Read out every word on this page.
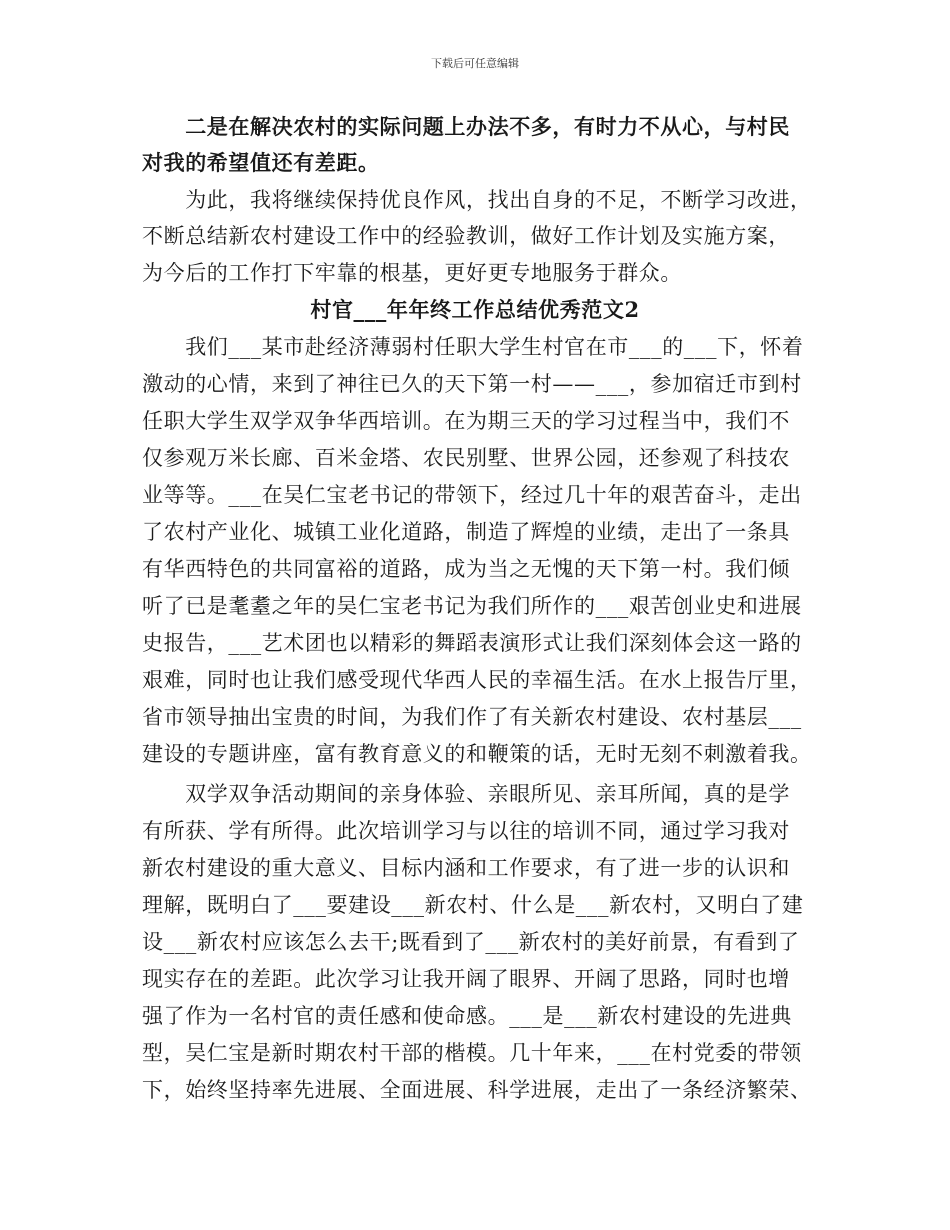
下载后可任意编辑
　　二是在解决农村的实际问题上办法不多，有时力不从心，与村民
对我的希望值还有差距。
　　为此，我将继续保持优良作风，找出自身的不足，不断学习改进，
不断总结新农村建设工作中的经验教训，做好工作计划及实施方案，
为今后的工作打下牢靠的根基，更好更专地服务于群众。
村官___年年终工作总结优秀范文2
　　我们___某市赴经济薄弱村任职大学生村官在市___的___下，怀着
激动的心情，来到了神往已久的天下第一村——___，参加宿迁市到村
任职大学生双学双争华西培训。在为期三天的学习过程当中，我们不
仅参观万米长廊、百米金塔、农民别墅、世界公园，还参观了科技农
业等等。___在吴仁宝老书记的带领下，经过几十年的艰苦奋斗，走出
了农村产业化、城镇工业化道路，制造了辉煌的业绩，走出了一条具
有华西特色的共同富裕的道路，成为当之无愧的天下第一村。我们倾
听了已是耄耋之年的吴仁宝老书记为我们所作的___艰苦创业史和进展
史报告，___艺术团也以精彩的舞蹈表演形式让我们深刻体会这一路的
艰难，同时也让我们感受现代华西人民的幸福生活。在水上报告厅里，
省市领导抽出宝贵的时间，为我们作了有关新农村建设、农村基层___
建设的专题讲座，富有教育意义的和鞭策的话，无时无刻不刺激着我。
　　双学双争活动期间的亲身体验、亲眼所见、亲耳所闻，真的是学
有所获、学有所得。此次培训学习与以往的培训不同，通过学习我对
新农村建设的重大意义、目标内涵和工作要求，有了进一步的认识和
理解，既明白了___要建设___新农村、什么是___新农村，又明白了建
设___新农村应该怎么去干;既看到了___新农村的美好前景，有看到了
现实存在的差距。此次学习让我开阔了眼界、开阔了思路，同时也增
强了作为一名村官的责任感和使命感。___是___新农村建设的先进典
型，吴仁宝是新时期农村干部的楷模。几十年来，___在村党委的带领
下，始终坚持率先进展、全面进展、科学进展，走出了一条经济繁荣、
